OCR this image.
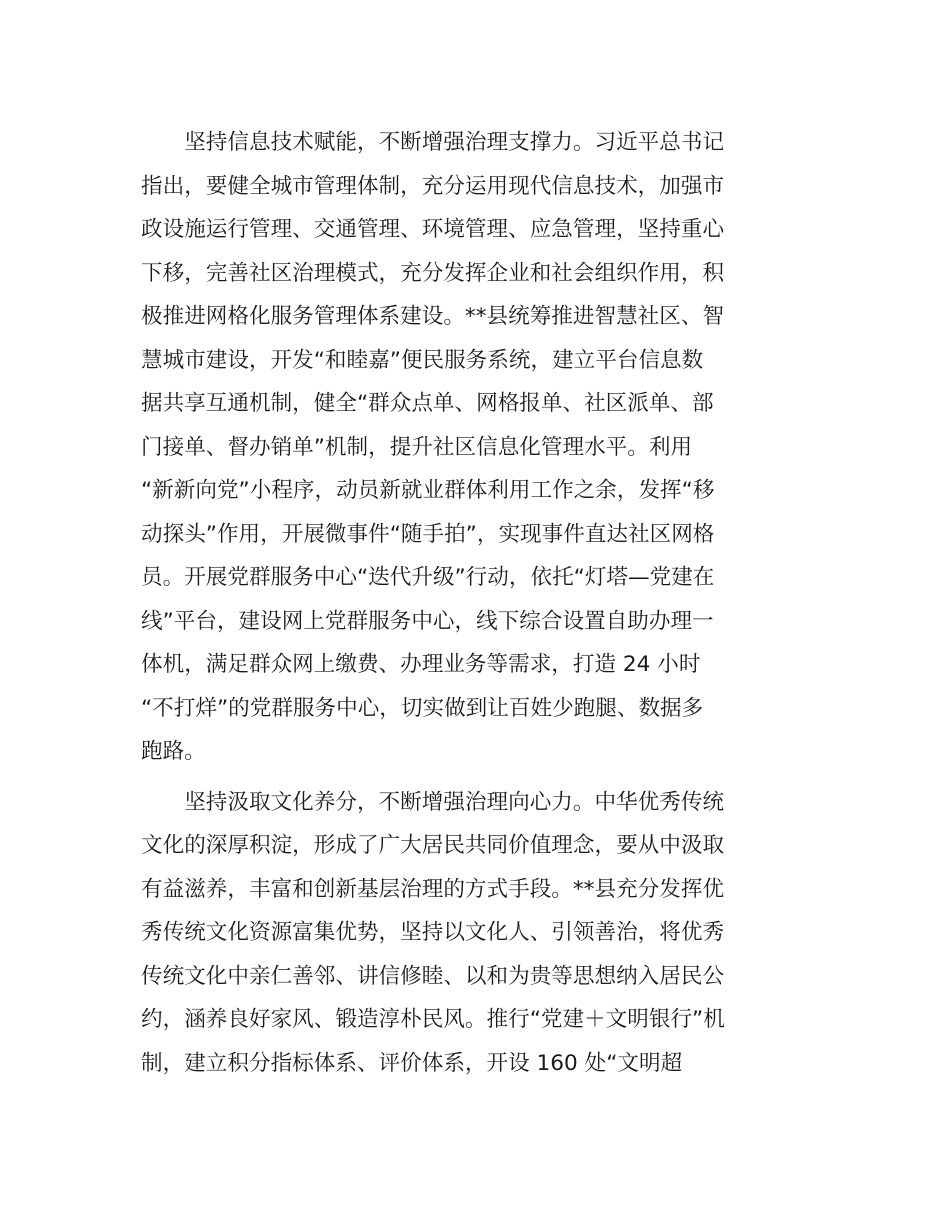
　　坚持信息技术赋能，不断增强治理支撑力。习近平总书记
指出，要健全城市管理体制，充分运用现代信息技术，加强市
政设施运行管理、交通管理、环境管理、应急管理，坚持重心
下移，完善社区治理模式，充分发挥企业和社会组织作用，积
极推进网格化服务管理体系建设。**县统筹推进智慧社区、智
慧城市建设，开发“和睦嘉”便民服务系统，建立平台信息数
据共享互通机制，健全“群众点单、网格报单、社区派单、部
门接单、督办销单”机制，提升社区信息化管理水平。利用
“新新向党”小程序，动员新就业群体利用工作之余，发挥“移
动探头”作用，开展微事件“随手拍”，实现事件直达社区网格
员。开展党群服务中心“迭代升级”行动，依托“灯塔—党建在
线”平台，建设网上党群服务中心，线下综合设置自助办理一
体机，满足群众网上缴费、办理业务等需求，打造 24 小时
“不打烊”的党群服务中心，切实做到让百姓少跑腿、数据多
跑路。
　　坚持汲取文化养分，不断增强治理向心力。中华优秀传统
文化的深厚积淀，形成了广大居民共同价值理念，要从中汲取
有益滋养，丰富和创新基层治理的方式手段。**县充分发挥优
秀传统文化资源富集优势，坚持以文化人、引领善治，将优秀
传统文化中亲仁善邻、讲信修睦、以和为贵等思想纳入居民公
约，涵养良好家风、锻造淳朴民风。推行“党建＋文明银行”机
制，建立积分指标体系、评价体系，开设 160 处“文明超
